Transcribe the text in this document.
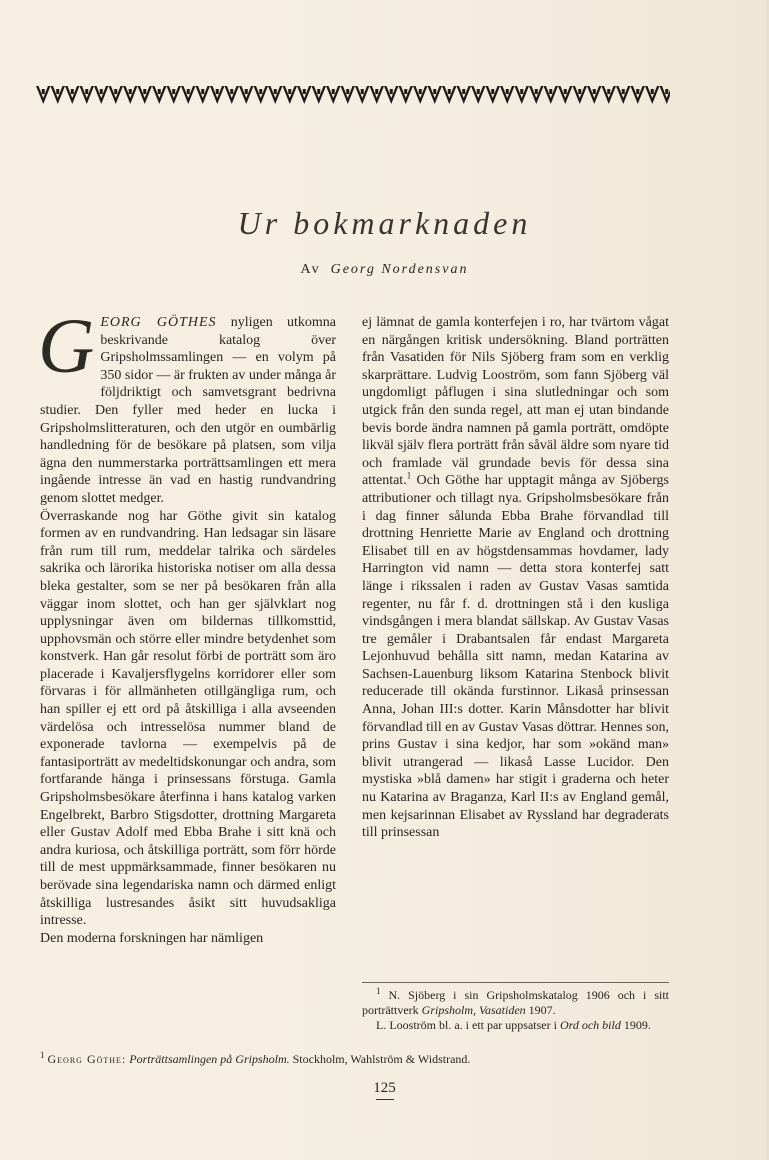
Ur bokmarknaden
Av Georg Nordensvan

GEORG GÖTHES nyligen utkomna beskrivande katalog över Gripsholmssamlingen — en volym på 350 sidor — är frukten av under många år följdriktigt och samvetsgrant bedrivna studier. Den fyller med heder en lucka i Gripsholmslitteraturen, och den utgör en oumbärlig handledning för de besökare på platsen, som vilja ägna den nummerstarka porträttsamlingen ett mera ingående intresse än vad en hastig rundvandring genom slottet medger.

Överraskande nog har Göthe givit sin katalog formen av en rundvandring. Han ledsagar sin läsare från rum till rum, meddelar talrika och särdeles sakrika och lärorika historiska notiser om alla dessa bleka gestalter, som se ner på besökaren från alla väggar inom slottet, och han ger självklart nog upplysningar även om bildernas tillkomsttid, upphovsmän och större eller mindre betydenhet som konstverk. Han går resolut förbi de porträtt som äro placerade i Kavaljersflygelns korridorer eller som förvaras i för allmänheten otillgängliga rum, och han spiller ej ett ord på åtskilliga i alla avseenden värdelösa och intresselösa nummer bland de exponerade tavlorna — exempelvis på de fantasiporträtt av medeltidskonungar och andra, som fortfarande hänga i prinsessans förstuga. Gamla Gripsholmsbesökare återfinna i hans katalog varken Engelbrekt, Barbro Stigsdotter, drottning Margareta eller Gustav Adolf med Ebba Brahe i sitt knä och andra kuriosa, och åtskilliga porträtt, som förr hörde till de mest uppmärksammade, finner besökaren nu berövade sina legendariska namn och därmed enligt åtskilliga lustresandes åsikt sitt huvudsakliga intresse.

Den moderna forskningen har nämligen

ej lämnat de gamla konterfejen i ro, har tvärtom vågat en närgången kritisk undersökning. Bland porträtten från Vasatiden för Nils Sjöberg fram som en verklig skarprättare. Ludvig Looström, som fann Sjöberg väl ungdomligt påflugen i sina slutledningar och som utgick från den sunda regel, att man ej utan bindande bevis borde ändra namnen på gamla porträtt, omdöpte likväl själv flera porträtt från såväl äldre som nyare tid och framlade väl grundade bevis för dessa sina attentat.$^1$ Och Göthe har upptagit många av Sjöbergs attributioner och tillagt nya. Gripsholmsbesökare från i dag finner sålunda Ebba Brahe förvandlad till drottning Henriette Marie av England och drottning Elisabet till en av högstdensammas hovdamer, lady Harrington vid namn — detta stora konterfej satt länge i rikssalen i raden av Gustav Vasas samtida regenter, nu får f. d. drottningen stå i den kusliga vindsgången i mera blandat sällskap. Av Gustav Vasas tre gemåler i Drabantsalen får endast Margareta Lejonhuvud behålla sitt namn, medan Katarina av Sachsen-Lauenburg liksom Katarina Stenbock blivit reducerade till okända furstinnor. Likaså prinsessan Anna, Johan III:s dotter. Karin Månsdotter har blivit förvandlad till en av Gustav Vasas döttrar. Hennes son, prins Gustav i sina kedjor, har som »okänd man» blivit utrangerad — likaså Lasse Lucidor. Den mystiska »blå damen» har stigit i graderna och heter nu Katarina av Braganza, Karl II:s av England gemål, men kejsarinnan Elisabet av Ryssland har degraderats till prinsessan

$^1$ N. Sjöberg i sin Gripsholmskatalog 1906 och i sitt porträttverk Gripsholm, Vasatiden 1907.

L. Looström bl. a. i ett par uppsatser i Ord och bild 1909.

$^1$ Georg Göthe: Porträttsamlingen på Gripsholm. Stockholm, Wahlström & Widstrand.
125
